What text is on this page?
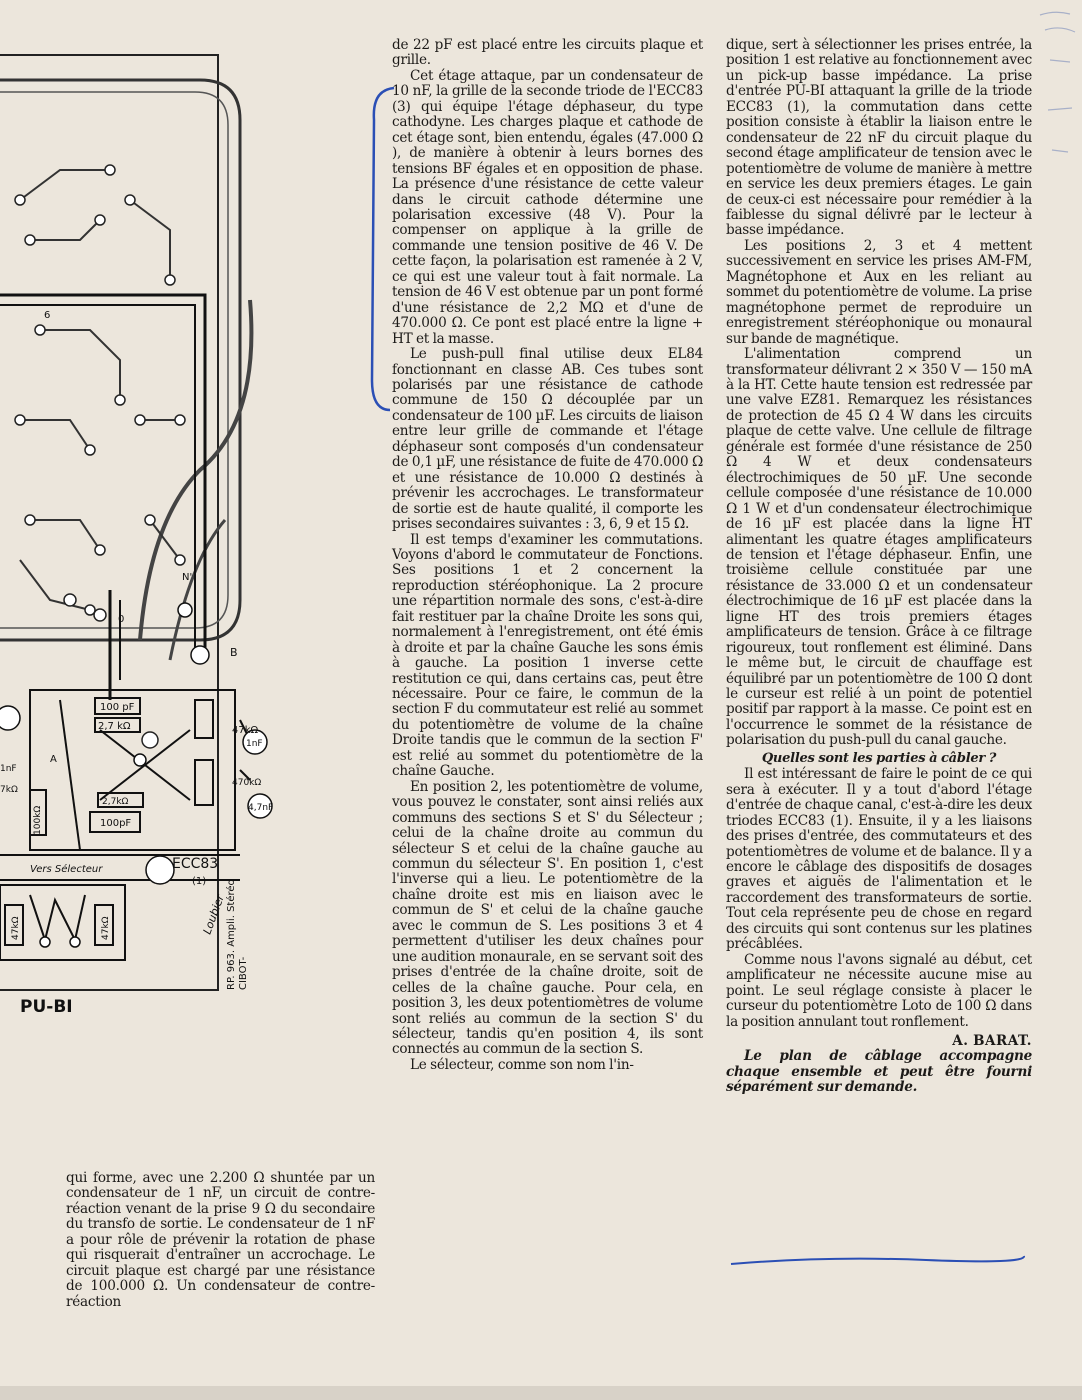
100 pF
2,7 kΩ	47kΩ
1nF
470kΩ
4,7nF
2,7kΩ
100pF
1nF
7kΩ
100kΩ
A
Vers Sélecteur	ECC83
(1)
47kΩ	47kΩ	RP. 963. Ampli. Stéréo CIBOT-
B
N'
6
0
Loubier
PU-BI

de 22 pF est placé entre les circuits plaque et grille.

Cet étage attaque, par un condensateur de 10 nF, la grille de la seconde triode de l'ECC83 (3) qui équipe l'étage déphaseur, du type cathodyne. Les charges plaque et cathode de cet étage sont, bien entendu, égales (47.000 Ω ), de manière à obtenir à leurs bornes des tensions BF égales et en opposition de phase. La présence d'une résistance de cette valeur dans le circuit cathode détermine une polarisation excessive (48 V). Pour la compenser on applique à la grille de commande une tension positive de 46 V. De cette façon, la polarisation est ramenée à 2 V, ce qui est une valeur tout à fait normale. La tension de 46 V est obtenue par un pont formé d'une résistance de 2,2 MΩ et d'une de 470.000 Ω. Ce pont est placé entre la ligne + HT et la masse.

Le push-pull final utilise deux EL84 fonctionnant en classe AB. Ces tubes sont polarisés par une résistance de cathode commune de 150 Ω découplée par un condensateur de 100 µF. Les circuits de liaison entre leur grille de commande et l'étage déphaseur sont composés d'un condensateur de 0,1 µF, une résistance de fuite de 470.000 Ω et une résistance de 10.000 Ω destinés à prévenir les accrochages. Le transformateur de sortie est de haute qualité, il comporte les prises secondaires suivantes : 3, 6, 9 et 15 Ω.

Il est temps d'examiner les commutations. Voyons d'abord le commutateur de Fonctions. Ses positions 1 et 2 concernent la reproduction stéréophonique. La 2 procure une répartition normale des sons, c'est-à-dire fait restituer par la chaîne Droite les sons qui, normalement à l'enregistrement, ont été émis à droite et par la chaîne Gauche les sons émis à gauche. La position 1 inverse cette restitution ce qui, dans certains cas, peut être nécessaire. Pour ce faire, le commun de la section F du commutateur est relié au sommet du potentiomètre de volume de la chaîne Droite tandis que le commun de la section F' est relié au sommet du potentiomètre de la chaîne Gauche.

En position 2, les potentiomètre de volume, vous pouvez le constater, sont ainsi reliés aux communs des sections S et S' du Sélecteur ; celui de la chaîne droite au commun du sélecteur S et celui de la chaîne gauche au commun du sélecteur S'. En position 1, c'est l'inverse qui a lieu. Le potentiomètre de la chaîne droite est mis en liaison avec le commun de S' et celui de la chaîne gauche avec le commun de S. Les positions 3 et 4 permettent d'utiliser les deux chaînes pour une audition monaurale, en se servant soit des prises d'entrée de la chaîne droite, soit de celles de la chaîne gauche. Pour cela, en position 3, les deux potentiomètres de volume sont reliés au commun de la section S' du sélecteur, tandis qu'en position 4, ils sont connectés au commun de la section S.

Le sélecteur, comme son nom l'in-

dique, sert à sélectionner les prises entrée, la position 1 est relative au fonctionnement avec un pick-up basse impédance. La prise d'entrée PU-BI attaquant la grille de la triode ECC83 (1), la commutation dans cette position consiste à établir la liaison entre le condensateur de 22 nF du circuit plaque du second étage amplificateur de tension avec le potentiomètre de volume de manière à mettre en service les deux premiers étages. Le gain de ceux-ci est nécessaire pour remédier à la faiblesse du signal délivré par le lecteur à basse impédance.

Les positions 2, 3 et 4 mettent successivement en service les prises AM-FM, Magnétophone et Aux en les reliant au sommet du potentiomètre de volume. La prise magnétophone permet de reproduire un enregistrement stéréophonique ou monaural sur bande de magnétique.

L'alimentation comprend un transformateur délivrant 2 × 350 V — 150 mA à la HT. Cette haute tension est redressée par une valve EZ81. Remarquez les résistances de protection de 45 Ω 4 W dans les circuits plaque de cette valve. Une cellule de filtrage générale est formée d'une résistance de 250 Ω 4 W et deux condensateurs électrochimiques de 50 µF. Une seconde cellule composée d'une résistance de 10.000 Ω 1 W et d'un condensateur électrochimique de 16 µF est placée dans la ligne HT alimentant les quatre étages amplificateurs de tension et l'étage déphaseur. Enfin, une troisième cellule constituée par une résistance de 33.000 Ω et un condensateur électrochimique de 16 µF est placée dans la ligne HT des trois premiers étages amplificateurs de tension. Grâce à ce filtrage rigoureux, tout ronflement est éliminé. Dans le même but, le circuit de chauffage est équilibré par un potentiomètre de 100 Ω dont le curseur est relié à un point de potentiel positif par rapport à la masse. Ce point est en l'occurrence le sommet de la résistance de polarisation du push-pull du canal gauche.

Quelles sont les parties à câbler ?

Il est intéressant de faire le point de ce qui sera à exécuter. Il y a tout d'abord l'étage d'entrée de chaque canal, c'est-à-dire les deux triodes ECC83 (1). Ensuite, il y a les liaisons des prises d'entrée, des commutateurs et des potentiomètres de volume et de balance. Il y a encore le câblage des dispositifs de dosages graves et aiguës de l'alimentation et le raccordement des transformateurs de sortie. Tout cela représente peu de chose en regard des circuits qui sont contenus sur les platines précâblées.

Comme nous l'avons signalé au début, cet amplificateur ne nécessite aucune mise au point. Le seul réglage consiste à placer le curseur du potentiomètre Loto de 100 Ω dans la position annulant tout ronflement.

A. BARAT.

Le plan de câblage accompagne chaque ensemble et peut être fourni séparément sur demande.

qui forme, avec une 2.200 Ω shuntée par un condensateur de 1 nF, un circuit de contre-réaction venant de la prise 9 Ω du secondaire du transfo de sortie. Le condensateur de 1 nF a pour rôle de prévenir la rotation de phase qui risquerait d'entraîner un accrochage. Le circuit plaque est chargé par une résistance de 100.000 Ω. Un condensateur de contre-réaction
